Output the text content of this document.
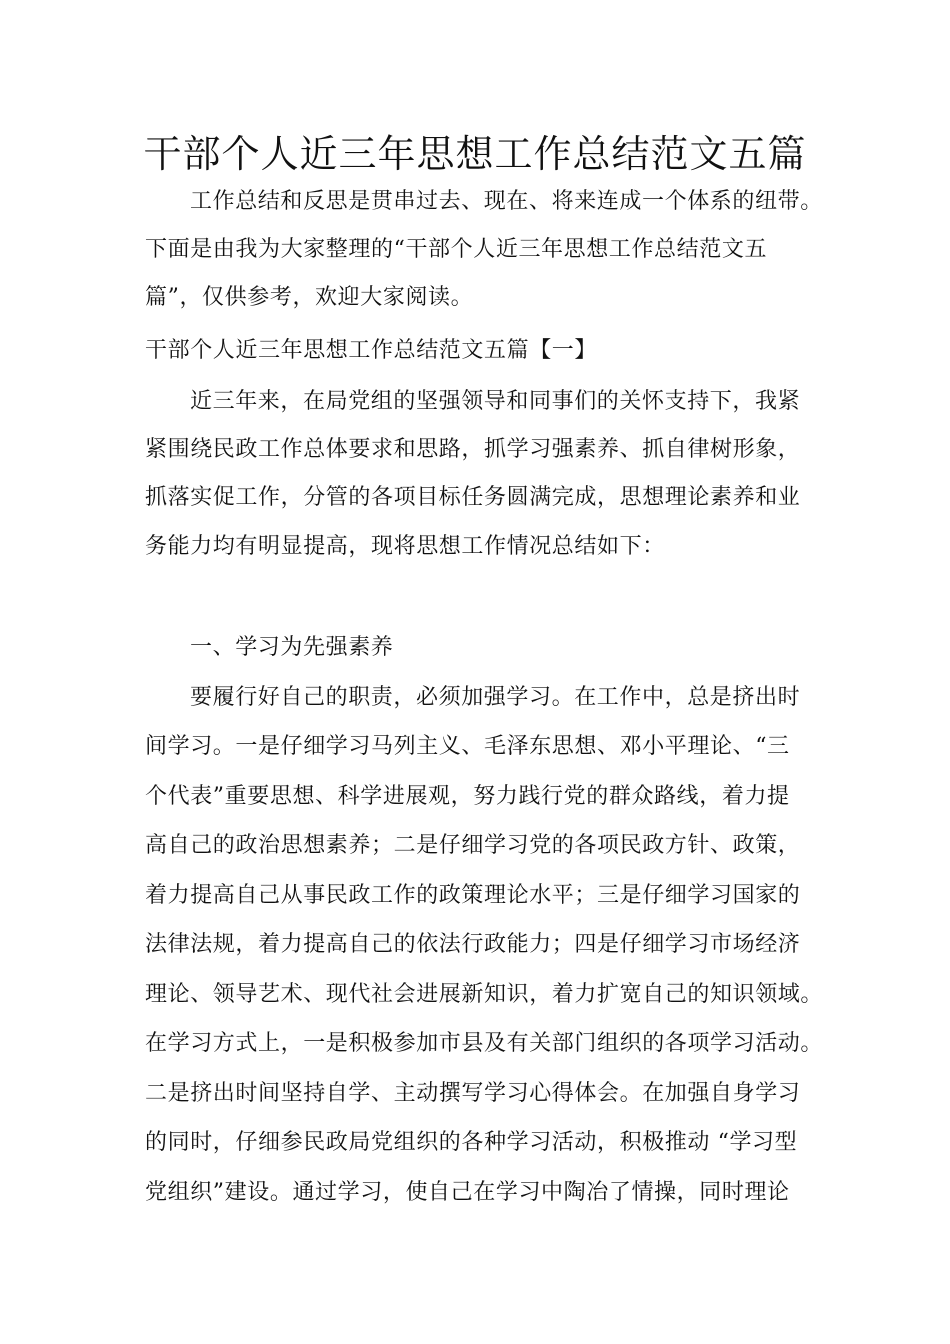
干部个人近三年思想工作总结范文五篇
工作总结和反思是贯串过去、现在、将来连成一个体系的纽带。
下面是由我为大家整理的“干部个人近三年思想工作总结范文五
篇”，仅供参考，欢迎大家阅读。
干部个人近三年思想工作总结范文五篇【一】
近三年来，在局党组的坚强领导和同事们的关怀支持下，我紧
紧围绕民政工作总体要求和思路，抓学习强素养、抓自律树形象，
抓落实促工作，分管的各项目标任务圆满完成，思想理论素养和业
务能力均有明显提高，现将思想工作情况总结如下：
一、学习为先强素养
要履行好自己的职责，必须加强学习。在工作中，总是挤出时
间学习。一是仔细学习马列主义、毛泽东思想、邓小平理论、“三
个代表”重要思想、科学进展观，努力践行党的群众路线，着力提
高自己的政治思想素养；二是仔细学习党的各项民政方针、政策，
着力提高自己从事民政工作的政策理论水平；三是仔细学习国家的
法律法规，着力提高自己的依法行政能力；四是仔细学习市场经济
理论、领导艺术、现代社会进展新知识，着力扩宽自己的知识领域。
在学习方式上，一是积极参加市县及有关部门组织的各项学习活动。
二是挤出时间坚持自学、主动撰写学习心得体会。在加强自身学习
的同时，仔细参民政局党组织的各种学习活动，积极推动 “学习型
党组织”建设。通过学习，使自己在学习中陶冶了情操，同时理论
